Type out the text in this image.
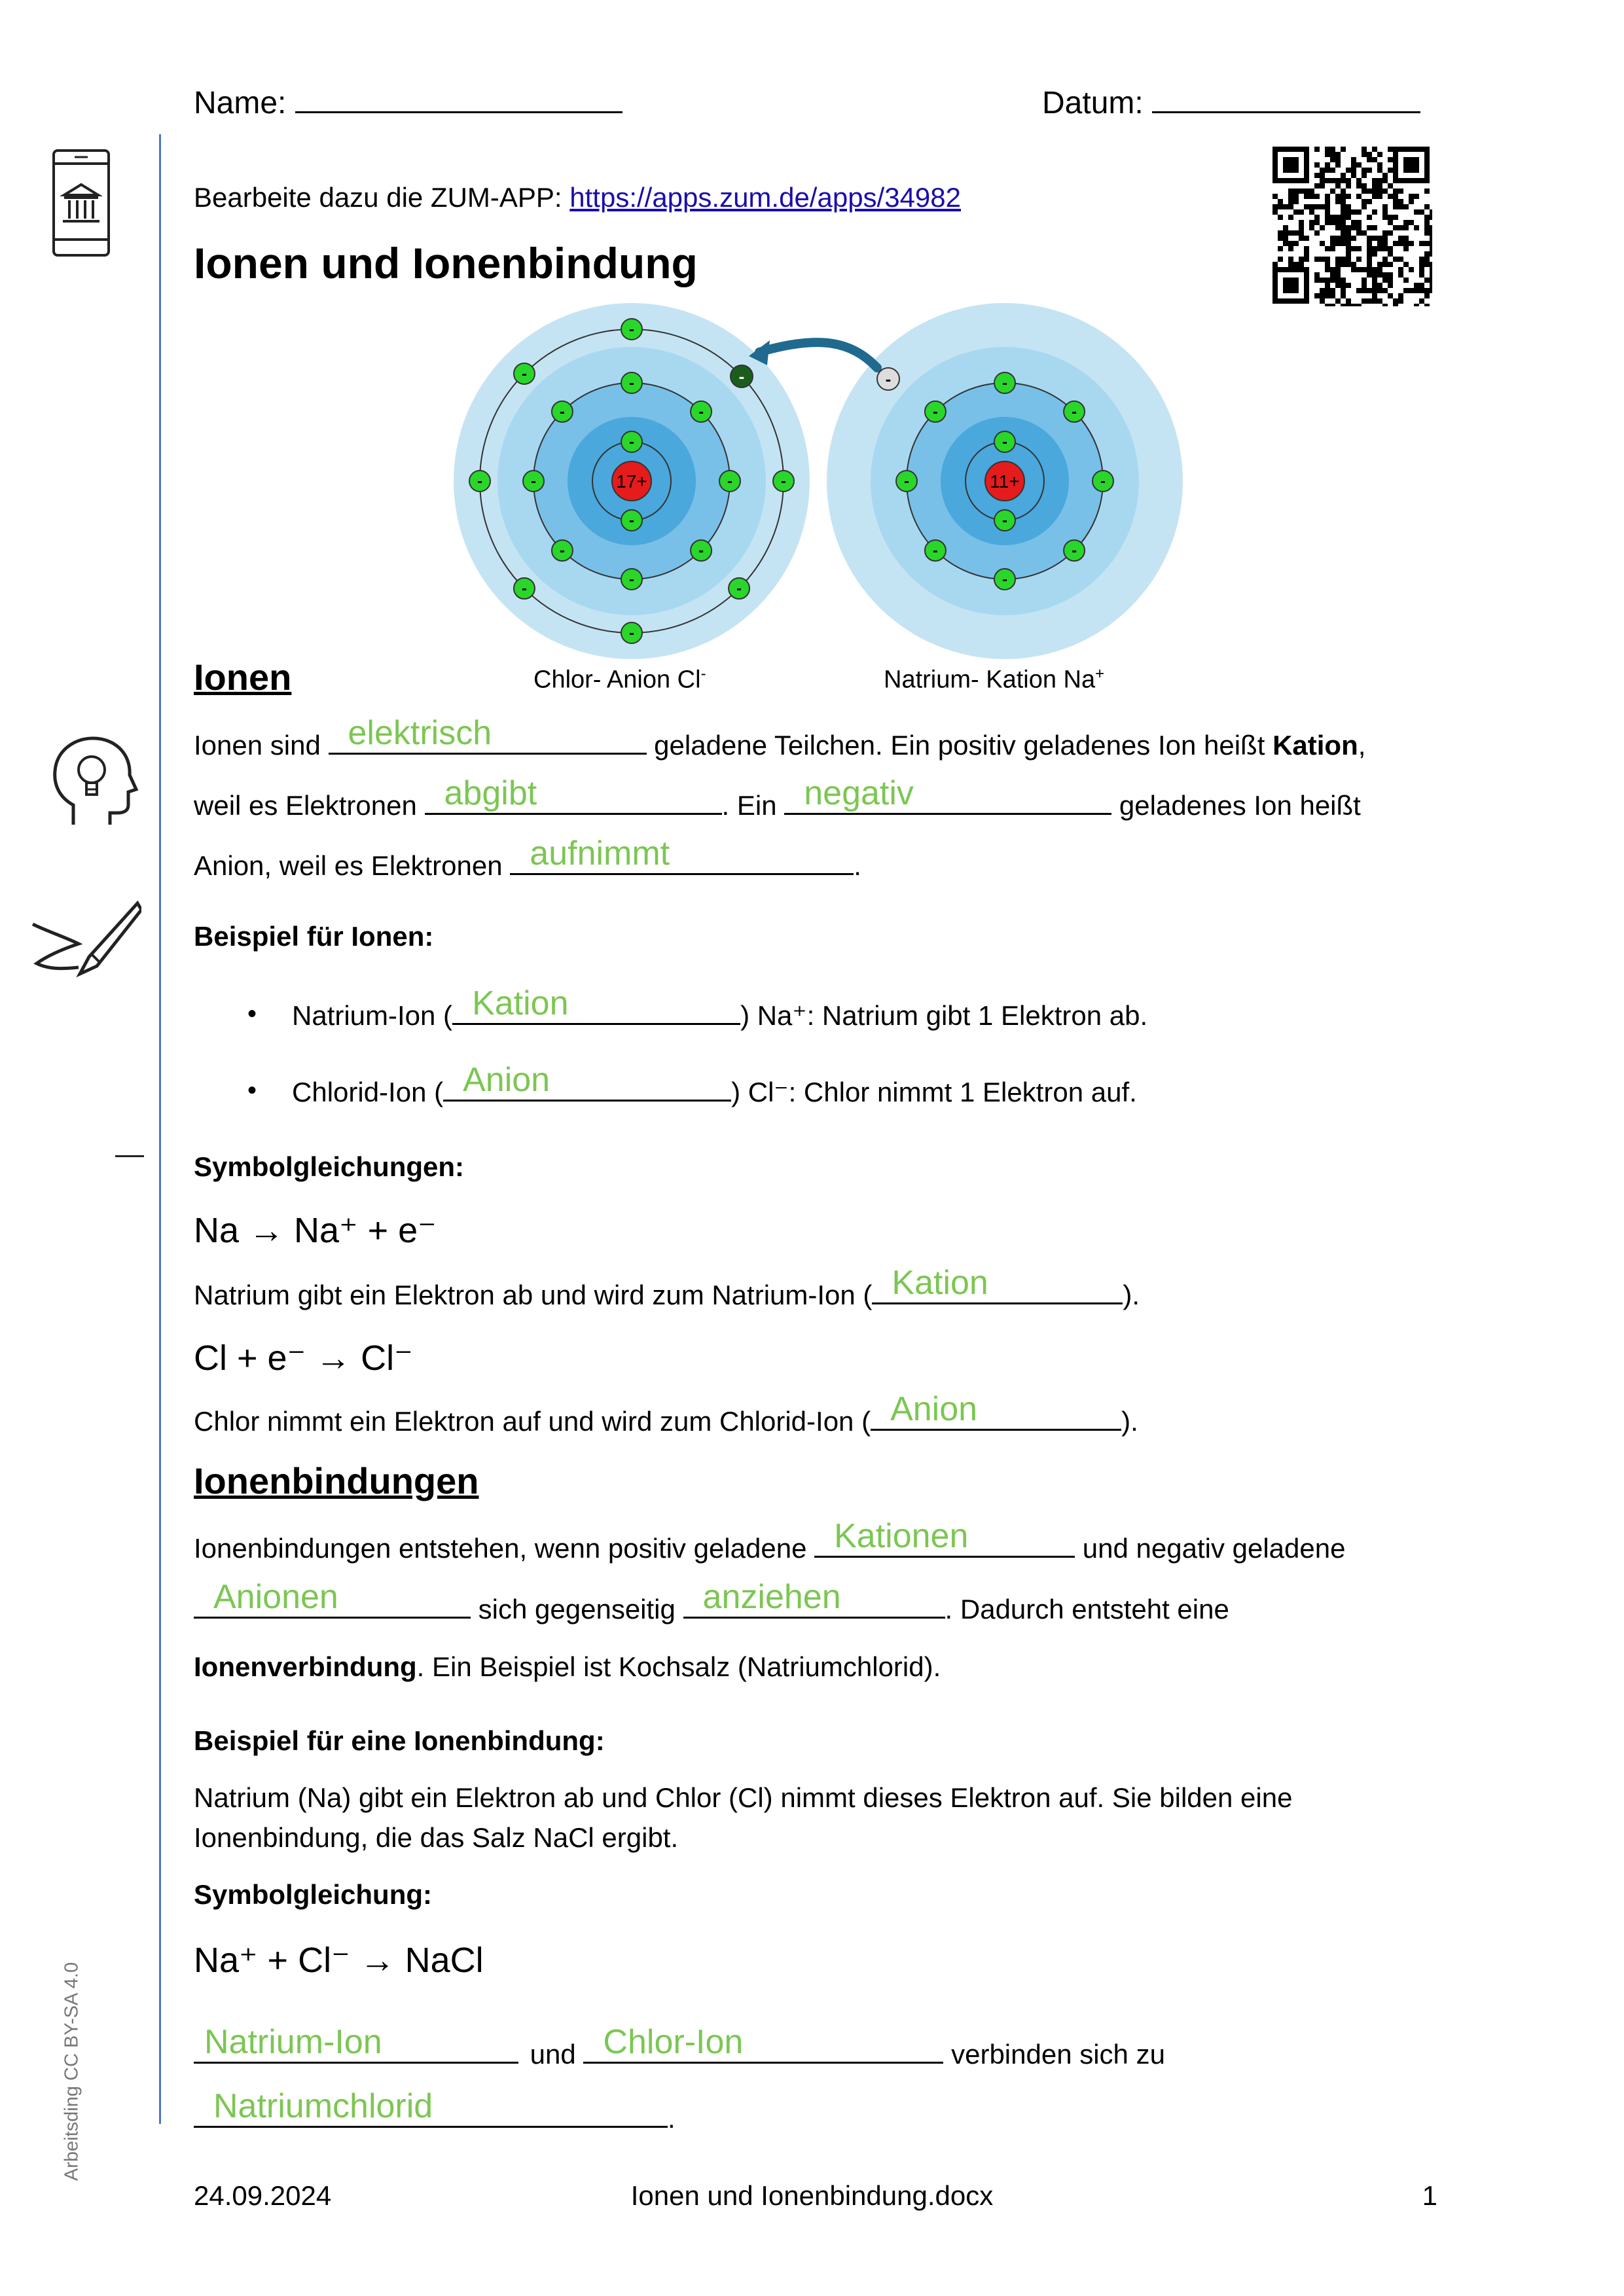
Name:	Datum:
Arbeitsding CC BY-SA 4.0
Bearbeite dazu die ZUM-APP: https://apps.zum.de/apps/34982
Ionen und Ionenbindung
17+
-
-
-
-
-
-
-
-
-
-
-
-
-
-
-	-
-
11+
-
-
-
-
-
-
-
-
-
-
-
-
Chlor- Anion Cl-	Natrium- Kation Na+
Ionen
Ionen sind elektrisch	geladene Teilchen. Ein positiv geladenes Ion heißt Kation,
weil es Elektronen abgibt	. Ein negativ	geladenes Ion heißt
Anion, weil es Elektronen aufnimmt	.
Beispiel für Ionen:
• Natrium-Ion ( Kation	) Na⁺: Natrium gibt 1 Elektron ab.
• Chlorid-Ion ( Anion	) Cl⁻: Chlor nimmt 1 Elektron auf.
Symbolgleichungen:
Na → Na⁺ + e⁻
Natrium gibt ein Elektron ab und wird zum Natrium-Ion ( Kation	).
Cl + e⁻ → Cl⁻
Chlor nimmt ein Elektron auf und wird zum Chlorid-Ion ( Anion	).
Ionenbindungen
Ionenbindungen entstehen, wenn positiv geladene Kationen	und negativ geladene
Anionen	sich gegenseitig anziehen	. Dadurch entsteht eine
Ionenverbindung. Ein Beispiel ist Kochsalz (Natriumchlorid).
Beispiel für eine Ionenbindung:
Natrium (Na) gibt ein Elektron ab und Chlor (Cl) nimmt dieses Elektron auf. Sie bilden eine
Ionenbindung, die das Salz NaCl ergibt.
Symbolgleichung:
Na⁺ + Cl⁻ → NaCl
Natrium-Ion	und Chlor-Ion	verbinden sich zu
Natriumchlorid	.
24.09.2024	Ionen und Ionenbindung.docx	1
